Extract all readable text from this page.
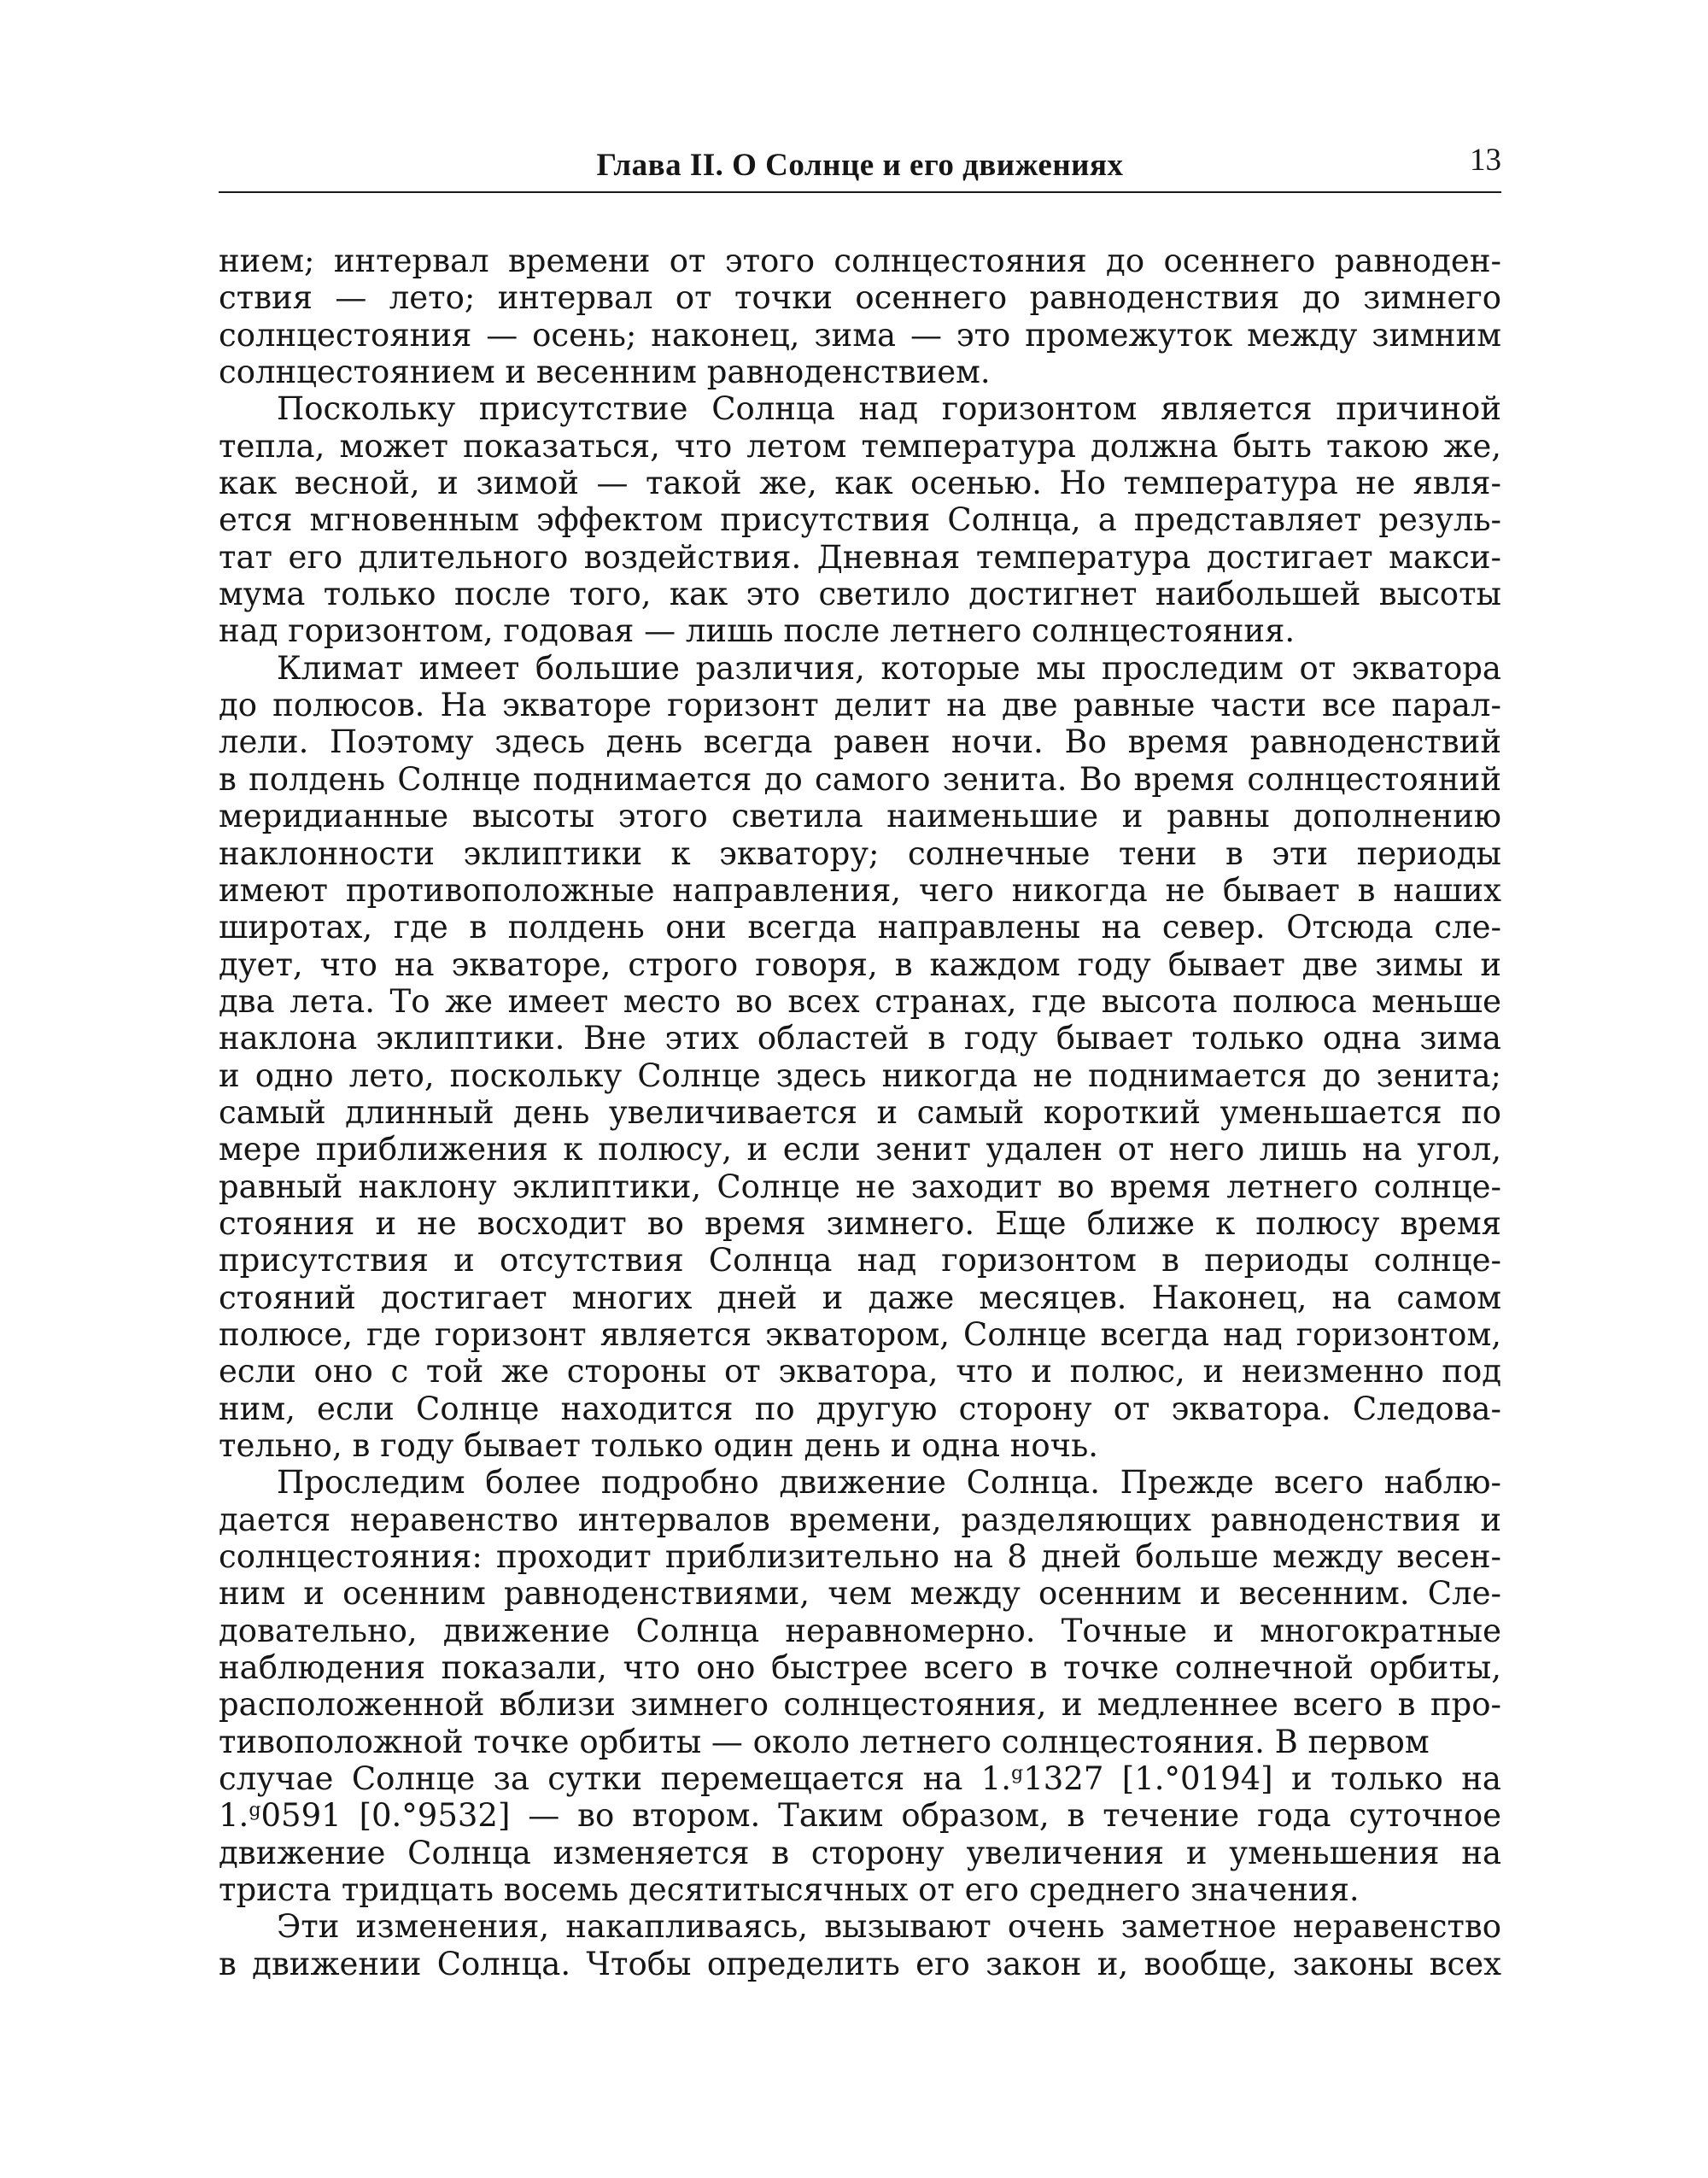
Глава II. О Солнце и его движениях	13
нием; интервал времени от этого солнцестояния до осеннего равноден-
ствия — лето; интервал от точки осеннего равноденствия до зимнего
солнцестояния — осень; наконец, зима — это промежуток между зимним
солнцестоянием и весенним равноденствием.
Поскольку присутствие Солнца над горизонтом является причиной
тепла, может показаться, что летом температура должна быть такою же,
как весной, и зимой — такой же, как осенью. Но температура не явля-
ется мгновенным эффектом присутствия Солнца, а представляет резуль-
тат его длительного воздействия. Дневная температура достигает макси-
мума только после того, как это светило достигнет наибольшей высоты
над горизонтом, годовая — лишь после летнего солнцестояния.
Климат имеет большие различия, которые мы проследим от экватора
до полюсов. На экваторе горизонт делит на две равные части все парал-
лели. Поэтому здесь день всегда равен ночи. Во время равноденствий
в полдень Солнце поднимается до самого зенита. Во время солнцестояний
меридианные высоты этого светила наименьшие и равны дополнению
наклонности эклиптики к экватору; солнечные тени в эти периоды
имеют противоположные направления, чего никогда не бывает в наших
широтах, где в полдень они всегда направлены на север. Отсюда сле-
дует, что на экваторе, строго говоря, в каждом году бывает две зимы и
два лета. То же имеет место во всех странах, где высота полюса меньше
наклона эклиптики. Вне этих областей в году бывает только одна зима
и одно лето, поскольку Солнце здесь никогда не поднимается до зенита;
самый длинный день увеличивается и самый короткий уменьшается по
мере приближения к полюсу, и если зенит удален от него лишь на угол,
равный наклону эклиптики, Солнце не заходит во время летнего солнце-
стояния и не восходит во время зимнего. Еще ближе к полюсу время
присутствия и отсутствия Солнца над горизонтом в периоды солнце-
стояний достигает многих дней и даже месяцев. Наконец, на самом
полюсе, где горизонт является экватором, Солнце всегда над горизонтом,
если оно с той же стороны от экватора, что и полюс, и неизменно под
ним, если Солнце находится по другую сторону от экватора. Следова-
тельно, в году бывает только один день и одна ночь.
Проследим более подробно движение Солнца. Прежде всего наблю-
дается неравенство интервалов времени, разделяющих равноденствия и
солнцестояния: проходит приблизительно на 8 дней больше между весен-
ним и осенним равноденствиями, чем между осенним и весенним. Сле-
довательно, движение Солнца неравномерно. Точные и многократные
наблюдения показали, что оно быстрее всего в точке солнечной орбиты,
расположенной вблизи зимнего солнцестояния, и медленнее всего в про-
тивоположной точке орбиты — около летнего солнцестояния. В первом
случае Солнце за сутки перемещается на 1.$^g$1327 [1.°0194] и только на
1.$^g$0591 [0.°9532] — во втором. Таким образом, в течение года суточное
движение Солнца изменяется в сторону увеличения и уменьшения на
триста тридцать восемь десятитысячных от его среднего значения.
Эти изменения, накапливаясь, вызывают очень заметное неравенство
в движении Солнца. Чтобы определить его закон и, вообще, законы всех
